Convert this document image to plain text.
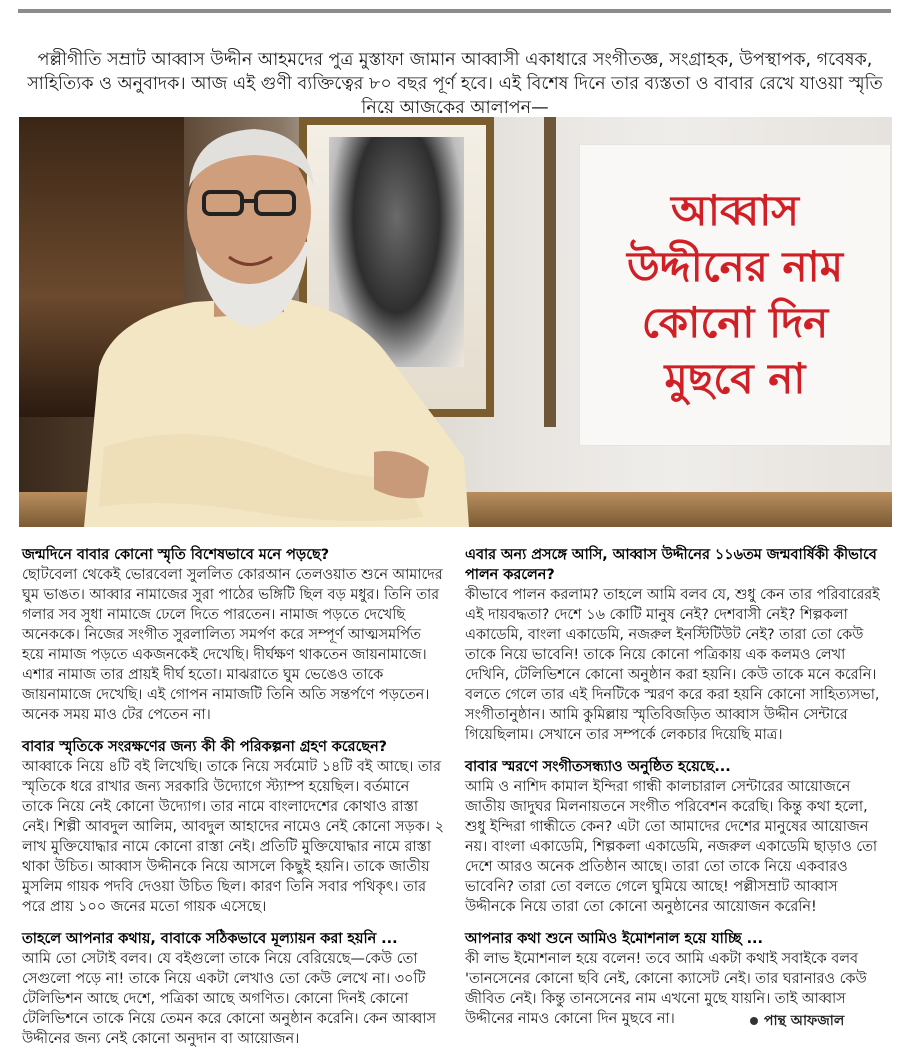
পল্লীগীতি সম্রাট আব্বাস উদ্দীন আহমদের পুত্র মুস্তাফা জামান আব্বাসী একাধারে সংগীতজ্ঞ, সংগ্রাহক, উপস্থাপক, গবেষক, সাহিত্যিক ও অনুবাদক। আজ এই গুণী ব্যক্তিত্বের ৮০ বছর পূর্ণ হবে। এই বিশেষ দিনে তার ব্যস্ততা ও বাবার রেখে যাওয়া স্মৃতি নিয়ে আজকের আলাপন—

আব্বাস
উদ্দীনের নাম
কোনো দিন
মুছবে না
জন্মদিনে বাবার কোনো স্মৃতি বিশেষভাবে মনে পড়ছে?
ছোটবেলা থেকেই ভোরবেলা সুললিত কোরআন তেলওয়াত শুনে আমাদের ঘুম ভাঙত। আব্বার নামাজের সুরা পাঠের ভঙ্গিটি ছিল বড় মধুর। তিনি তার গলার সব সুধা নামাজে ঢেলে দিতে পারতেন। নামাজ পড়তে দেখেছি অনেককে। নিজের সংগীত সুরলালিত্য সমর্পণ করে সম্পূর্ণ আত্মসমর্পিত হয়ে নামাজ পড়তে একজনকেই দেখেছি। দীর্ঘক্ষণ থাকতেন জায়নামাজে। এশার নামাজ তার প্রায়ই দীর্ঘ হতো। মাঝরাতে ঘুম ভেঙেও তাকে জায়নামাজে দেখেছি। এই গোপন নামাজটি তিনি অতি সন্তর্পণে পড়তেন। অনেক সময় মাও টের পেতেন না।
বাবার স্মৃতিকে সংরক্ষণের জন্য কী কী পরিকল্পনা গ্রহণ করেছেন?
আব্বাকে নিয়ে ৪টি বই লিখেছি। তাকে নিয়ে সর্বমোট ১৪টি বই আছে। তার স্মৃতিকে ধরে রাখার জন্য সরকারি উদ্যোগে স্ট্যাম্প হয়েছিল। বর্তমানে তাকে নিয়ে নেই কোনো উদ্যোগ। তার নামে বাংলাদেশের কোথাও রাস্তা নেই। শিল্পী আবদুল আলিম, আবদুল আহাদের নামেও নেই কোনো সড়ক। ২ লাখ মুক্তিযোদ্ধার নামে কোনো রাস্তা নেই। প্রতিটি মুক্তিযোদ্ধার নামে রাস্তা থাকা উচিত। আব্বাস উদ্দীনকে নিয়ে আসলে কিছুই হয়নি। তাকে জাতীয় মুসলিম গায়ক পদবি দেওয়া উচিত ছিল। কারণ তিনি সবার পথিকৃৎ। তার পরে প্রায় ১০০ জনের মতো গায়ক এসেছে।
তাহলে আপনার কথায়, বাবাকে সঠিকভাবে মূল্যায়ন করা হয়নি ...
আমি তো সেটাই বলব। যে বইগুলো তাকে নিয়ে বেরিয়েছে—কেউ তো সেগুলো পড়ে না! তাকে নিয়ে একটা লেখাও তো কেউ লেখে না। ৩০টি টেলিভিশন আছে দেশে, পত্রিকা আছে অগণিত। কোনো দিনই কোনো টেলিভিশনে তাকে নিয়ে তেমন করে কোনো অনুষ্ঠান করেনি। কেন আব্বাস উদ্দীনের জন্য নেই কোনো অনুদান বা আয়োজন।
এবার অন্য প্রসঙ্গে আসি, আব্বাস উদ্দীনের ১১৬তম জন্মবার্ষিকী কীভাবে পালন করলেন?
কীভাবে পালন করলাম? তাহলে আমি বলব যে, শুধু কেন তার পরিবারেরই এই দায়বদ্ধতা? দেশে ১৬ কোটি মানুষ নেই? দেশবাসী নেই? শিল্পকলা একাডেমি, বাংলা একাডেমি, নজরুল ইনস্টিটিউট নেই? তারা তো কেউ তাকে নিয়ে ভাবেনি! তাকে নিয়ে কোনো পত্রিকায় এক কলমও লেখা দেখিনি, টেলিভিশনে কোনো অনুষ্ঠান করা হয়নি। কেউ তাকে মনে করেনি। বলতে গেলে তার এই দিনটিকে স্মরণ করে করা হয়নি কোনো সাহিত্যসভা, সংগীতানুষ্ঠান। আমি কুমিল্লায় স্মৃতিবিজড়িত আব্বাস উদ্দীন সেন্টারে গিয়েছিলাম। সেখানে তার সম্পর্কে লেকচার দিয়েছি মাত্র।
বাবার স্মরণে সংগীতসন্ধ্যাও অনুষ্ঠিত হয়েছে...
আমি ও নাশিদ কামাল ইন্দিরা গান্ধী কালচারাল সেন্টারের আয়োজনে জাতীয় জাদুঘর মিলনায়তনে সংগীত পরিবেশন করেছি। কিন্তু কথা হলো, শুধু ইন্দিরা গান্ধীতে কেন? এটা তো আমাদের দেশের মানুষের আয়োজন নয়। বাংলা একাডেমি, শিল্পকলা একাডেমি, নজরুল একাডেমি ছাড়াও তো দেশে আরও অনেক প্রতিষ্ঠান আছে। তারা তো তাকে নিয়ে একবারও ভাবেনি? তারা তো বলতে গেলে ঘুমিয়ে আছে! পল্লীসম্রাট আব্বাস উদ্দীনকে নিয়ে তারা তো কোনো অনুষ্ঠানের আয়োজন করেনি!
আপনার কথা শুনে আমিও ইমোশনাল হয়ে যাচ্ছি ...
কী লাভ ইমোশনাল হয়ে বলেন! তবে আমি একটা কথাই সবাইকে বলব 'তানসেনের কোনো ছবি নেই, কোনো ক্যাসেট নেই। তার ঘরানারও কেউ জীবিত নেই। কিন্তু তানসেনের নাম এখনো মুছে যায়নি। তাই আব্বাস উদ্দীনের নামও কোনো দিন মুছবে না।	পান্থ আফজাল
